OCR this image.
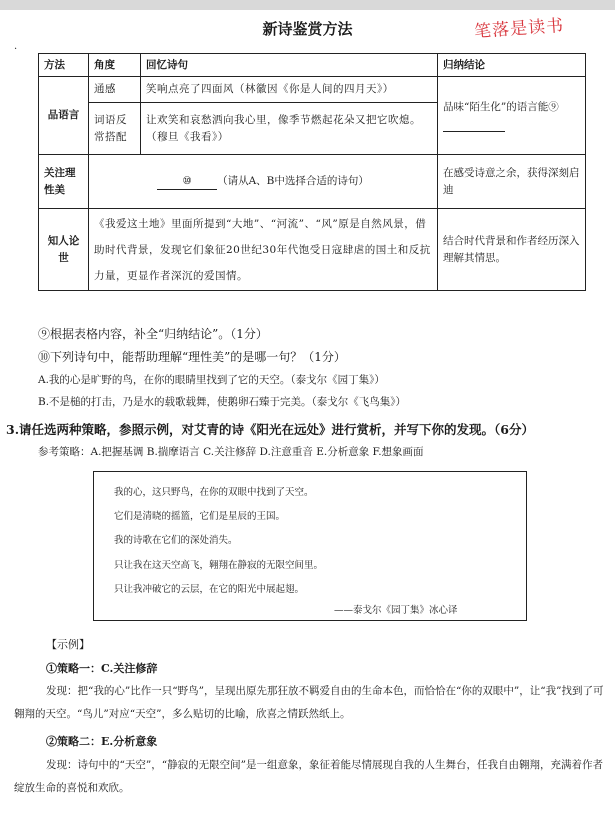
新诗鉴赏方法	笔落是读书
·
方法	角度	回忆诗句	归纳结论
品语言	通感	笑响点亮了四面风（林徽因《你是人间的四月天》）	品味“陌生化”的语言能⑨
	词语反常搭配	让欢笑和哀愁洒向我心里，像季节燃起花朵又把它吹熄。（穆旦《我看》）	
关注理性美	⑩ （请从A、B中选择合适的诗句）		在感受诗意之余，获得深刻启迪
知人论世	《我爱这土地》里面所提到“大地”、“河流”、“风”原是自然风景，借助时代背景，发现它们象征20世纪30年代饱受日寇肆虐的国土和反抗力量，更显作者深沉的爱国情。		结合时代背景和作者经历深入理解其情思。
⑨根据表格内容，补全“归纳结论”。（1分）
⑩下列诗句中，能帮助理解“理性美”的是哪一句？（1分）
A.我的心是旷野的鸟，在你的眼睛里找到了它的天空。（泰戈尔《园丁集》）
B.不是槌的打击，乃是水的载歌载舞，使鹅卵石臻于完美。（泰戈尔《飞鸟集》）
3.请任选两种策略，参照示例，对艾青的诗《阳光在远处》进行赏析，并写下你的发现。（6分）
参考策略：A.把握基调 B.揣摩语言 C.关注修辞 D.注意重音 E.分析意象 F.想象画面
我的心，这只野鸟，在你的双眼中找到了天空。
它们是清晓的摇篮，它们是星辰的王国。
我的诗歌在它们的深处消失。
只让我在这天空高飞，翱翔在静寂的无限空间里。
只让我冲破它的云层，在它的阳光中展起翅。
——泰戈尔《园丁集》冰心译
【示例】
①策略一：C.关注修辞
发现：把“我的心”比作一只“野鸟”，呈现出原先那狂放不羁爱自由的生命本色，而恰恰在“你的双眼中”，让“我”找到了可翱翔的天空。“鸟儿”对应“天空”，多么贴切的比喻，欣喜之情跃然纸上。
②策略二：E.分析意象
发现：诗句中的“天空”，“静寂的无限空间”是一组意象，象征着能尽情展现自我的人生舞台，任我自由翱翔，充满着作者绽放生命的喜悦和欢欣。
